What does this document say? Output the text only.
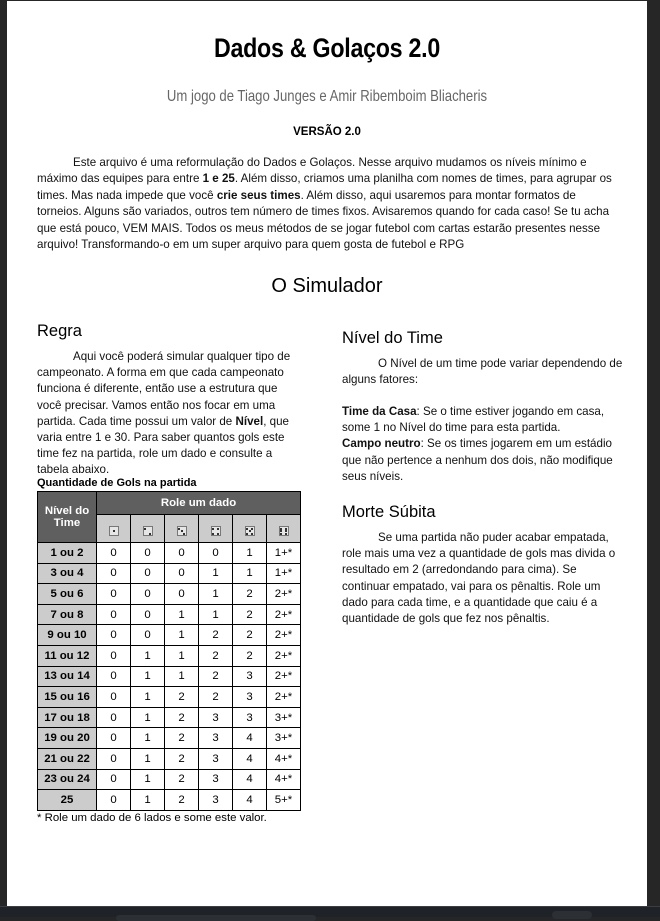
Dados & Golaços 2.0
Um jogo de Tiago Junges e Amir Ribemboim Bliacheris
VERSÃO 2.0

Este arquivo é uma reformulação do Dados e Golaços. Nesse arquivo mudamos os níveis mínimo e máximo das equipes para entre 1 e 25. Além disso, criamos uma planilha com nomes de times, para agrupar os times. Mas nada impede que você crie seus times. Além disso, aqui usaremos para montar formatos de torneios. Alguns são variados, outros tem número de times fixos. Avisaremos quando for cada caso! Se tu acha que está pouco, VEM MAIS. Todos os meus métodos de se jogar futebol com cartas estarão presentes nesse arquivo! Transformando-o em um super arquivo para quem gosta de futebol e RPG

O Simulador
Regra

Aqui você poderá simular qualquer tipo de campeonato. A forma em que cada campeonato funciona é diferente, então use a estrutura que você precisar. Vamos então nos focar em uma partida. Cada time possui um valor de Nível, que varia entre 1 e 30. Para saber quantos gols este time fez na partida, role um dado e consulte a tabela abaixo.

Quantidade de Gols na partida
Nível do Time	Role um dado					

1 ou 2	0	0	0	0	1	1+*
3 ou 4	0	0	0	1	1	1+*
5 ou 6	0	0	0	1	2	2+*
7 ou 8	0	0	1	1	2	2+*
9 ou 10	0	0	1	2	2	2+*
11 ou 12	0	1	1	2	2	2+*
13 ou 14	0	1	1	2	3	2+*
15 ou 16	0	1	2	2	3	2+*
17 ou 18	0	1	2	3	3	3+*
19 ou 20	0	1	2	3	4	3+*
21 ou 22	0	1	2	3	4	4+*
23 ou 24	0	1	2	3	4	4+*
25	0	1	2	3	4	5+*
* Role um dado de 6 lados e some este valor.
Nível do Time

O Nível de um time pode variar dependendo de alguns fatores:

Time da Casa: Se o time estiver jogando em casa, some 1 no Nível do time para esta partida.
Campo neutro: Se os times jogarem em um estádio que não pertence a nenhum dos dois, não modifique seus níveis.

Morte Súbita

Se uma partida não puder acabar empatada, role mais uma vez a quantidade de gols mas divida o resultado em 2 (arredondando para cima). Se continuar empatado, vai para os pênaltis. Role um dado para cada time, e a quantidade que caiu é a quantidade de gols que fez nos pênaltis.
